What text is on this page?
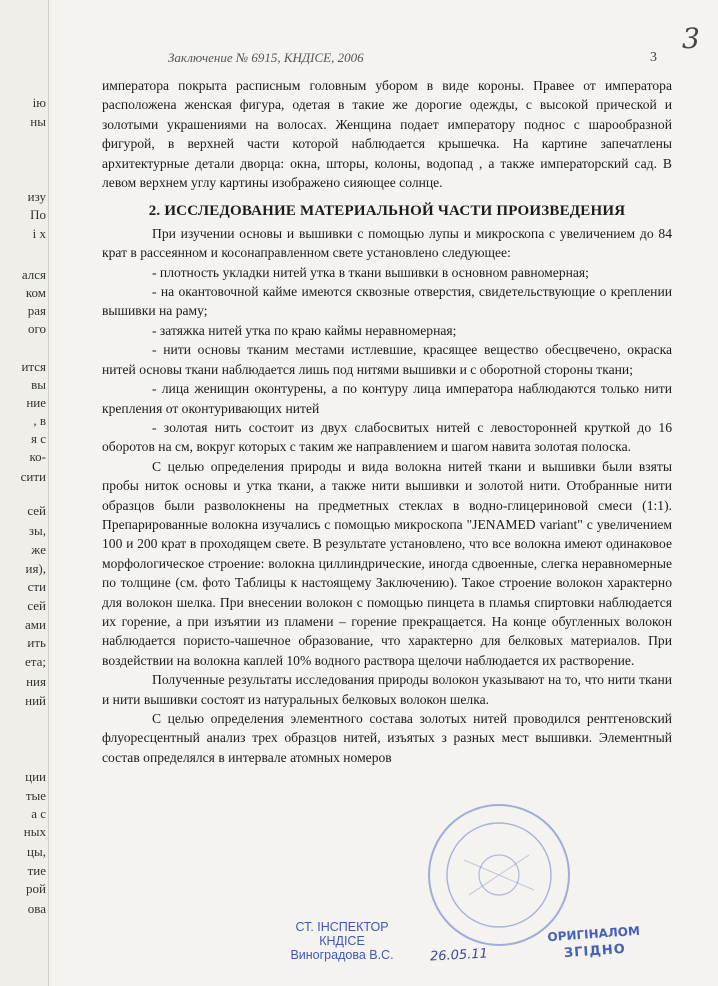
ію
ны
изу
По
i х
ался
ком
рая
ого
ится
вы
ние
, в
я с
ко-
сити
сей
зы,
жe
ия),
сти
сей
ами
ить
ета;
ния
ний
ции
тые
а с
ных
цы,
тие
рой
ова
3
Заключение № 6915, КНДІСЕ, 2006	3

императора покрыта расписным головным убором в виде короны. Правее от императора расположена женская фигура, одетая в такие же дорогие одежды, с высокой прической и золотыми украшениями на волосах. Женщина подает императору поднос с шарообразной фигурой, в верхней части которой наблюдается крышечка. На картине запечатлены архитектурные детали дворца: окна, шторы, колоны, водопад , а также императорский сад. В левом верхнем углу картины изображено сияющее солнце.

2. ИССЛЕДОВАНИЕ МАТЕРИАЛЬНОЙ ЧАСТИ ПРОИЗВЕДЕНИЯ

При изучении основы и вышивки с помощью лупы и микроскопа с увеличением до 84 крат в рассеянном и косонаправленном свете установлено следующее:

- плотность укладки нитей утка в ткани вышивки в основном равномерная;

- на окантовочной кайме имеются сквозные отверстия, свидетельствующие о креплении вышивки на раму;

- затяжка нитей утка по краю каймы неравномерная;

- нити основы тканим местами истлевшие, красящее вещество обесцвечено, окраска нитей основы ткани наблюдается лишь под нитями вышивки и с оборотной стороны ткани;

- лица женищин оконтурены, а по контуру лица императора наблюдаются только нити крепления от оконтуривающих нитей

- золотая нить состоит из двух слабосвитых нитей с левосторонней круткой до 16 оборотов на см, вокруг которых с таким же направлением и шагом навита золотая полоска.

С целью определения природы и вида волокна нитей ткани и вышивки были взяты пробы ниток основы и утка ткани, а также нити вышивки и золотой нити. Отобранные нити образцов были разволокнены на предметных стеклах в водно-глицериновой смеси (1:1). Препарированные волокна изучались с помощью микроскопа "JENAMED variant" с увеличением 100 и 200 крат в проходящем свете. В результате установлено, что все волокна имеют одинаковое морфологическое строение: волокна циллиндрические, иногда сдвоенные, слегка неравномерные по толщине (см. фото Таблицы к настоящему Заключению). Такое строение волокон характерно для волокон шелка. При внесении волокон с помощью пинцета в пламья спиртовки наблюдается их горение, а при изъятии из пламени – горение прекращается. На конце обугленных волокон наблюдается пористо-чашечное образование, что характерно для белковых материалов. При воздействии на волокна капле​й 10% водного раствора щелочи наблюдается их растворение.

Полученные результаты исследования природы волокон указывают на то, что нити ткани и нити вышивки состоят из натуральных белковых волокон шелка.

С целью определения элементного состава золотых нитей проводился рентгеновский флуоресцентный анализ трех образцов нитей, изъятых з разных мест вышивки. Элементный состав определялся в интервале атомных номеров

СТ. ІНСПЕКТОР
КНДІСЕ
Виноградова В.С.	26.05.11
ОРИГІНАЛОМ
ЗГІДНО
